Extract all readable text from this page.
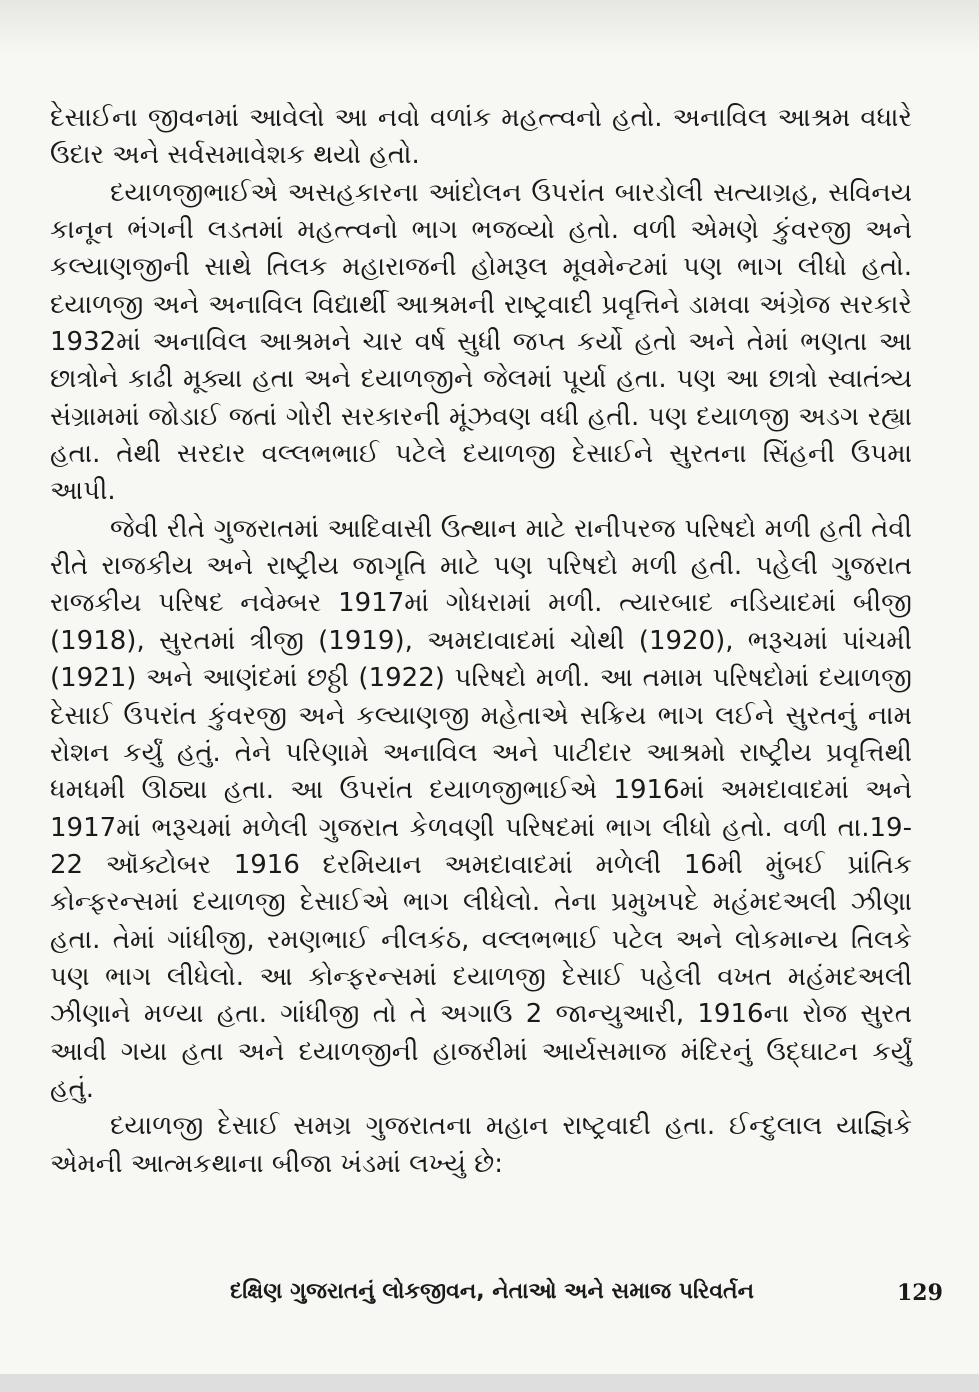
દેસાઈના જીવનમાં આવેલો આ નવો વળાંક મહત્ત્વનો હતો. અનાવિલ આશ્રમ વધારે ઉદાર અને સર્વસમાવેશક થયો હતો.

દયાળજીભાઈએ અસહકારના આંદોલન ઉપરાંત બારડોલી સત્યાગ્રહ, સવિનય કાનૂન ભંગની લડતમાં મહત્ત્વનો ભાગ ભજવ્યો હતો. વળી એમણે કુંવરજી અને કલ્યાણજીની સાથે તિલક મહારાજની હોમરૂલ મૂવમેન્ટમાં પણ ભાગ લીધો હતો. દયાળજી અને અનાવિલ વિદ્યાર્થી આશ્રમની રાષ્ટ્રવાદી પ્રવૃત્તિને ડામવા અંગ્રેજ સરકારે 1932માં અનાવિલ આશ્રમને ચાર વર્ષ સુધી જપ્ત કર્યો હતો અને તેમાં ભણતા આ છાત્રોને કાઢી મૂક્યા હતા અને દયાળજીને જેલમાં પૂર્યા હતા. પણ આ છાત્રો સ્વાતંત્ર્ય સંગ્રામમાં જોડાઈ જતાં ગોરી સરકારની મૂંઝવણ વધી હતી. પણ દયાળજી અડગ રહ્યા હતા. તેથી સરદાર વલ્લભભાઈ પટેલે દયાળજી દેસાઈને સુરતના સિંહની ઉપમા આપી.

જેવી રીતે ગુજરાતમાં આદિવાસી ઉત્થાન માટે રાનીપરજ પરિષદો મળી હતી તેવી રીતે રાજકીય અને રાષ્ટ્રીય જાગૃતિ માટે પણ પરિષદો મળી હતી. પહેલી ગુજરાત રાજકીય પરિષદ નવેમ્બર 1917માં ગોધરામાં મળી. ત્યારબાદ નડિયાદમાં બીજી (1918), સુરતમાં ત્રીજી (1919), અમદાવાદમાં ચોથી (1920), ભરૂચમાં પાંચમી (1921) અને આણંદમાં છઠ્ઠી (1922) પરિષદો મળી. આ તમામ પરિષદોમાં દયાળજી દેસાઈ ઉપરાંત કુંવરજી અને કલ્યાણજી મહેતાએ સક્રિય ભાગ લઈને સુરતનું નામ રોશન કર્યું હતું. તેને પરિણામે અનાવિલ અને પાટીદાર આશ્રમો રાષ્ટ્રીય પ્રવૃત્તિથી ધમધમી ઊઠ્યા હતા. આ ઉપરાંત દયાળજીભાઈએ 1916માં અમદાવાદમાં અને 1917માં ભરૂચમાં મળેલી ગુજરાત કેળવણી પરિષદમાં ભાગ લીધો હતો. વળી તા.19-22 ઑક્ટોબર 1916 દરમિયાન અમદાવાદમાં મળેલી 16મી મુંબઈ પ્રાંતિક કોન્ફરન્સમાં દયાળજી દેસાઈએ ભાગ લીધેલો. તેના પ્રમુખપદે મહંમદઅલી ઝીણા હતા. તેમાં ગાંધીજી, રમણભાઈ નીલકંઠ, વલ્લભભાઈ પટેલ અને લોકમાન્ય તિલકે પણ ભાગ લીધેલો. આ કોન્ફરન્સમાં દયાળજી દેસાઈ પહેલી વખત મહંમદઅલી ઝીણાને મળ્યા હતા. ગાંધીજી તો તે અગાઉ 2 જાન્યુઆરી, 1916ના રોજ સુરત આવી ગયા હતા અને દયાળજીની હાજરીમાં આર્યસમાજ મંદિરનું ઉદ્ઘાટન કર્યું હતું.

દયાળજી દેસાઈ સમગ્ર ગુજરાતના મહાન રાષ્ટ્રવાદી હતા. ઈન્દુલાલ યાજ્ઞિકે એમની આત્મકથાના બીજા ખંડમાં લખ્યું છે:

દક્ષિણ ગુજરાતનું લોકજીવન, નેતાઓ અને સમાજ પરિવર્તન	129
